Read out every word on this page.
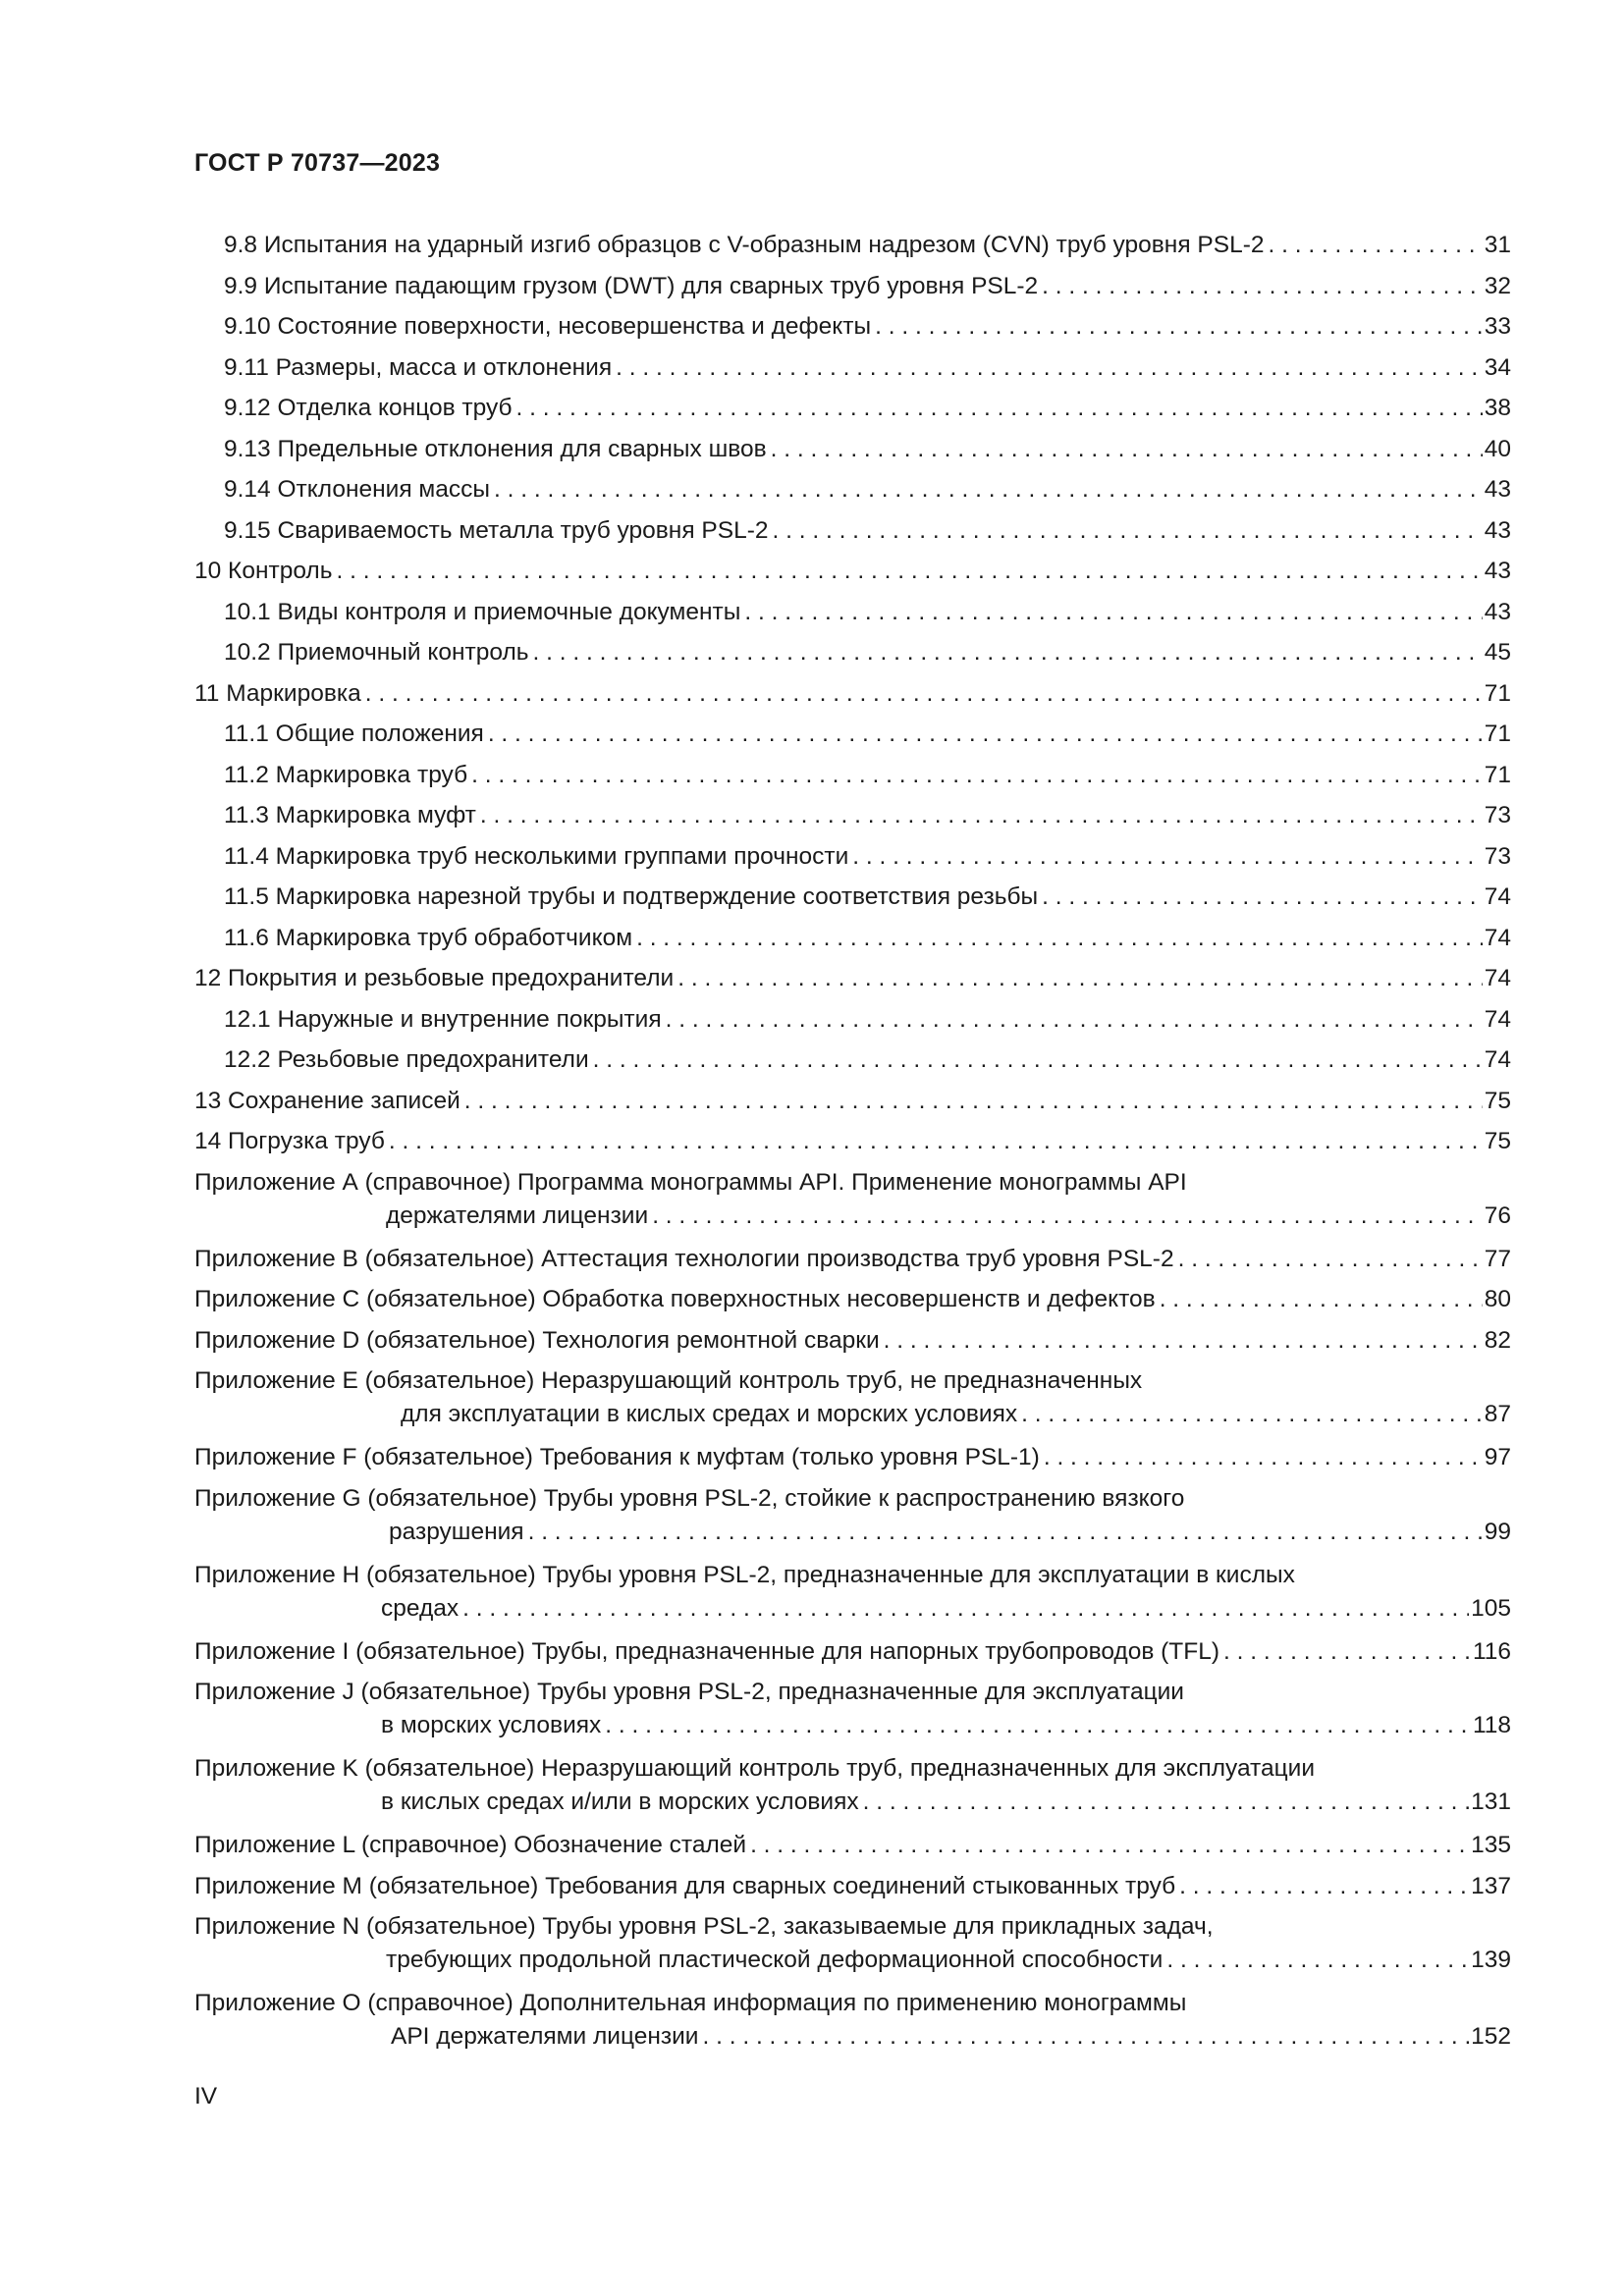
ГОСТ Р 70737—2023
9.8 Испытания на ударный изгиб образцов с V-образным надрезом (CVN) труб уровня PSL-2 . . .	31
9.9 Испытание падающим грузом (DWT) для сварных труб уровня PSL-2 . . .	32
9.10 Состояние поверхности, несовершенства и дефекты . . .	33
9.11 Размеры, масса и отклонения . . .	34
9.12 Отделка концов труб . . .	38
9.13 Предельные отклонения для сварных швов . . .	40
9.14 Отклонения массы . . .	43
9.15 Свариваемость металла труб уровня PSL-2 . . .	43
10 Контроль . . .	43
10.1 Виды контроля и приемочные документы . . .	43
10.2 Приемочный контроль . . .	45
11 Маркировка . . .	71
11.1 Общие положения . . .	71
11.2 Маркировка труб . . .	71
11.3 Маркировка муфт . . .	73
11.4 Маркировка труб несколькими группами прочности . . .	73
11.5 Маркировка нарезной трубы и подтверждение соответствия резьбы . . .	74
11.6 Маркировка труб обработчиком . . .	74
12 Покрытия и резьбовые предохранители . . .	74
12.1 Наружные и внутренние покрытия . . .	74
12.2 Резьбовые предохранители . . .	74
13 Сохранение записей . . .	75
14 Погрузка труб . . .	75
Приложение А (справочное) Программа монограммы API. Применение монограммы API
держателями лицензии . . .	76
Приложение В (обязательное) Аттестация технологии производства труб уровня PSL-2 . . .	77
Приложение С (обязательное) Обработка поверхностных несовершенств и дефектов . . .	80
Приложение D (обязательное) Технология ремонтной сварки . . .	82
Приложение Е (обязательное) Неразрушающий контроль труб, не предназначенных
для эксплуатации в кислых средах и морских условиях . . .	87
Приложение F (обязательное) Требования к муфтам (только уровня PSL-1) . . .	97
Приложение G (обязательное) Трубы уровня PSL-2, стойкие к распространению вязкого
разрушения . . .	99
Приложение H (обязательное) Трубы уровня PSL-2, предназначенные для эксплуатации в кислых
средах . . .	105
Приложение I (обязательное) Трубы, предназначенные для напорных трубопроводов (TFL) . . .	116
Приложение J (обязательное) Трубы уровня PSL-2, предназначенные для эксплуатации
в морских условиях . . .	118
Приложение K (обязательное) Неразрушающий контроль труб, предназначенных для эксплуатации
в кислых средах и/или в морских условиях . . .	131
Приложение L (справочное) Обозначение сталей . . .	135
Приложение M (обязательное) Требования для сварных соединений стыкованных труб . . .	137
Приложение N (обязательное) Трубы уровня PSL-2, заказываемые для прикладных задач,
требующих продольной пластической деформационной способности . . .	139
Приложение О (справочное) Дополнительная информация по применению монограммы
API держателями лицензии . . .	152
IV
